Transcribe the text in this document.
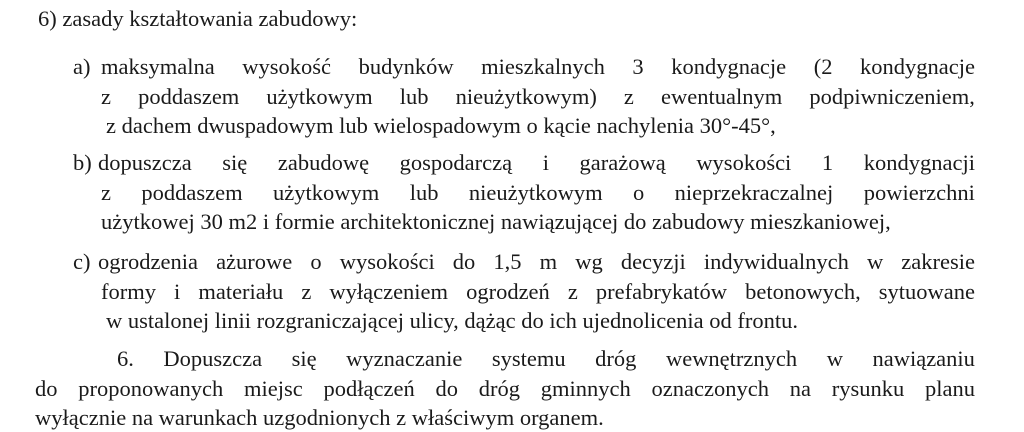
6) zasady kształtowania zabudowy:
a) maksymalna wysokość budynków mieszkalnych 3 kondygnacje (2 kondygnacje
z poddaszem użytkowym lub nieużytkowym) z ewentualnym podpiwniczeniem,
z dachem dwuspadowym lub wielospadowym o kącie nachylenia 30°-45°,
b) dopuszcza się zabudowę gospodarczą i garażową wysokości 1 kondygnacji
z poddaszem użytkowym lub nieużytkowym o nieprzekraczalnej powierzchni
użytkowej 30 m2 i formie architektonicznej nawiązującej do zabudowy mieszkaniowej,
c) ogrodzenia ażurowe o wysokości do 1,5 m wg decyzji indywidualnych w zakresie
formy i materiału z wyłączeniem ogrodzeń z prefabrykatów betonowych, sytuowane
w ustalonej linii rozgraniczającej ulicy, dążąc do ich ujednolicenia od frontu.
6. Dopuszcza się wyznaczanie systemu dróg wewnętrznych w nawiązaniu
do proponowanych miejsc podłączeń do dróg gminnych oznaczonych na rysunku planu
wyłącznie na warunkach uzgodnionych z właściwym organem.
